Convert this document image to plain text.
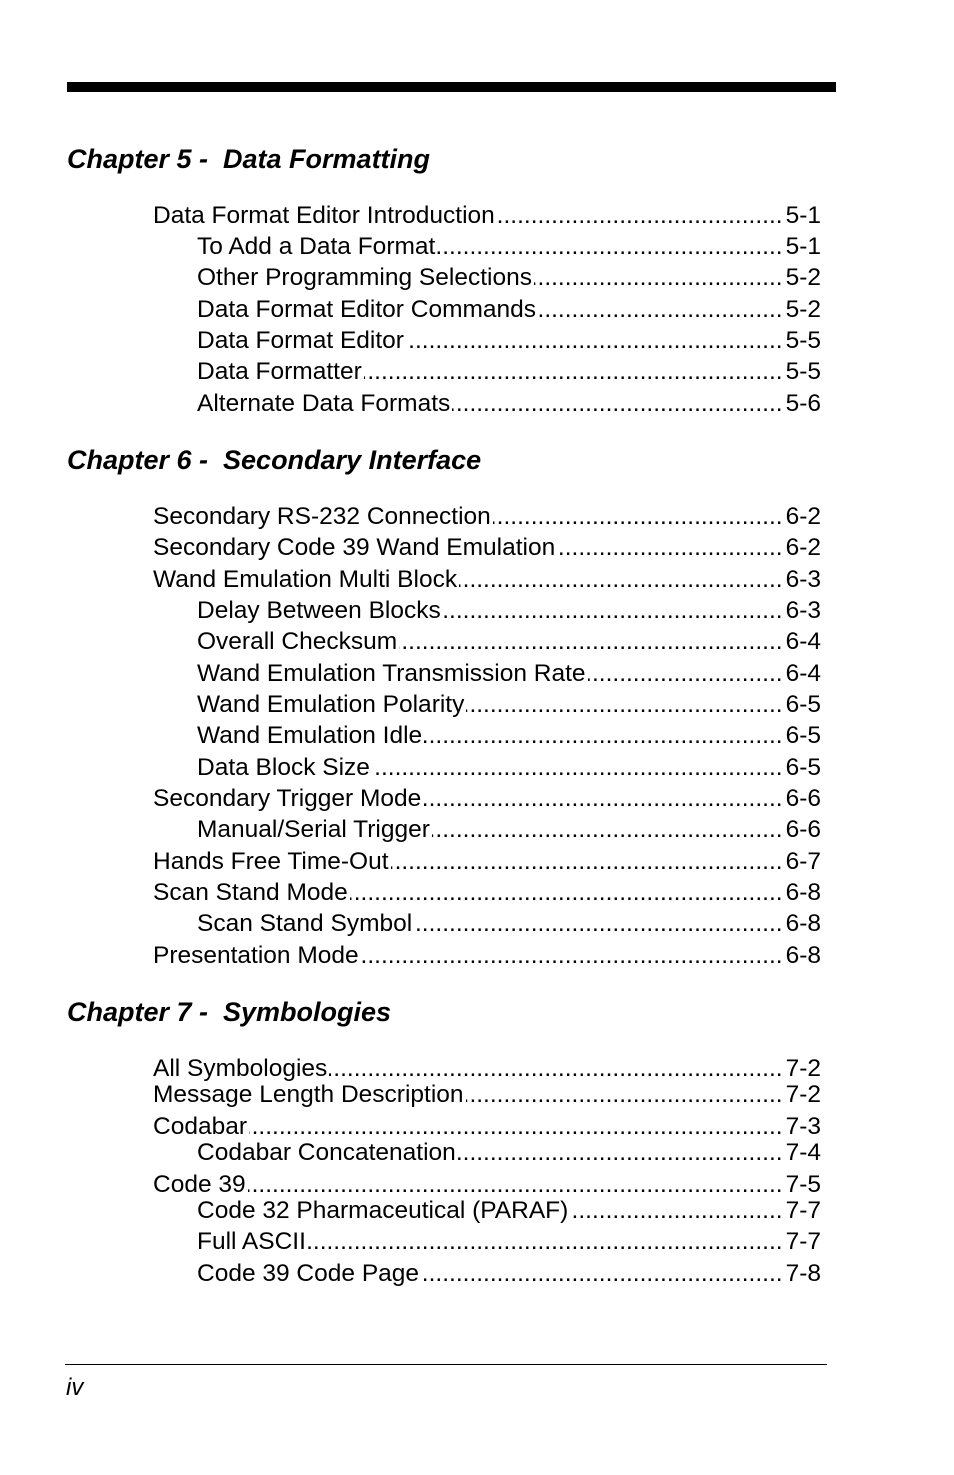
Chapter 5 -  Data Formatting
Data Format Editor Introduction .....	5-1
To Add a Data Format .....	5-1
Other Programming Selections .....	5-2
Data Format Editor Commands .....	5-2
Data Format Editor .....	5-5
Data Formatter .....	5-5
Alternate Data Formats .....	5-6
Chapter 6 -  Secondary Interface
Secondary RS-232 Connection .....	6-2
Secondary Code 39 Wand Emulation .....	6-2
Wand Emulation Multi Block .....	6-3
Delay Between Blocks .....	6-3
Overall Checksum .....	6-4
Wand Emulation Transmission Rate .....	6-4
Wand Emulation Polarity .....	6-5
Wand Emulation Idle .....	6-5
Data Block Size .....	6-5
Secondary Trigger Mode .....	6-6
Manual/Serial Trigger .....	6-6
Hands Free Time-Out .....	6-7
Scan Stand Mode .....	6-8
Scan Stand Symbol .....	6-8
Presentation Mode .....	6-8
Chapter 7 -  Symbologies
All Symbologies .....	7-2
Message Length Description .....	7-2
Codabar .....	7-3
Codabar Concatenation .....	7-4
Code 39 .....	7-5
Code 32 Pharmaceutical (PARAF) .....	7-7
Full ASCII .....	7-7
Code 39 Code Page .....	7-8
iv
